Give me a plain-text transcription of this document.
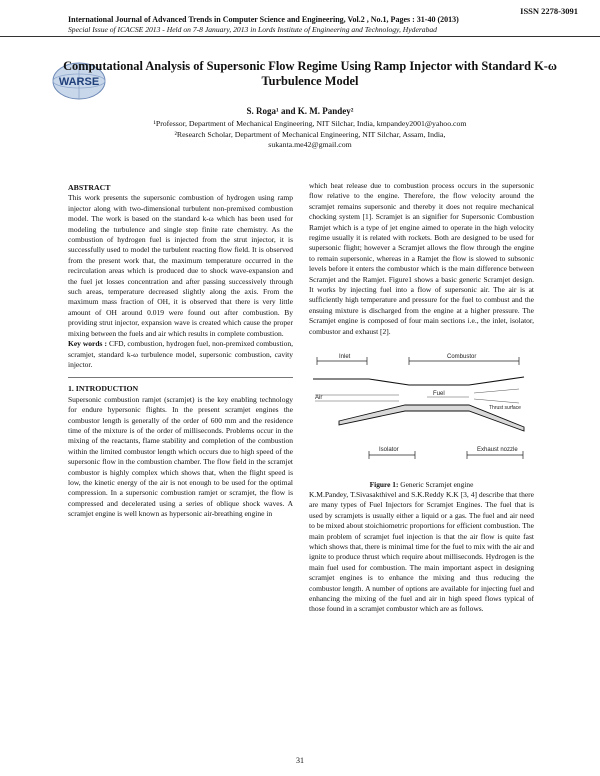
ISSN 2278-3091
International Journal of Advanced Trends in Computer Science and Engineering, Vol.2 , No.1, Pages : 31-40 (2013)
Special Issue of ICACSE 2013 - Held on 7-8 January, 2013 in Lords Institute of Engineering and Technology, Hyderabad
WARSE
Computational Analysis of Supersonic Flow Regime Using Ramp Injector with Standard K-ω Turbulence Model
S. Roga¹ and K. M. Pandey²
¹Professor, Department of Mechanical Engineering, NIT Silchar, India, kmpandey2001@yahoo.com
²Research Scholar, Department of Mechanical Engineering, NIT Silchar, Assam, India,
sukanta.me42@gmail.com

ABSTRACT

This work presents the supersonic combustion of hydrogen using ramp injector along with two-dimensional turbulent non-premixed combustion model. The work is based on the standard k-ω which has been used for modeling the turbulence and single step finite rate chemistry. As the combustion of hydrogen fuel is injected from the strut injector, it is successfully used to model the turbulent reacting flow field. It is observed from the present work that, the maximum temperature occurred in the recirculation areas which is produced due to shock wave-expansion and the fuel jet losses concentration and after passing successively through such areas, temperature decreased slightly along the axis. From the maximum mass fraction of OH, it is observed that there is very little amount of OH around 0.019 were found out after combustion. By providing strut injector, expansion wave is created which cause the proper mixing between the fuels and air which results in complete combustion.

Key words : CFD, combustion, hydrogen fuel, non-premixed combustion, scramjet, standard k-ω turbulence model, supersonic combustion, cavity injector.

1. INTRODUCTION

Supersonic combustion ramjet (scramjet) is the key enabling technology for endure hypersonic flights. In the present scramjet engines the combustor length is generally of the order of 600 mm and the residence time of the mixture is of the order of milliseconds. Problems occur in the mixing of the reactants, flame stability and completion of the combustion within the limited combustor length which occurs due to high speed of the supersonic flow in the combustion chamber. The flow field in the scramjet combustor is highly complex which shows that, when the flight speed is low, the kinetic energy of the air is not enough to be used for the optimal compression. In a supersonic combustion ramjet or scramjet, the flow is compressed and decelerated using a series of oblique shock waves. A scramjet engine is well known as hypersonic air-breathing engine in

which heat release due to combustion process occurs in the supersonic flow relative to the engine. Therefore, the flow velocity around the scramjet remains supersonic and thereby it does not require mechanical chocking system [1]. Scramjet is an signifier for Supersonic Combustion Ramjet which is a type of jet engine aimed to operate in the high velocity regime usually it is related with rockets. Both are designed to be used for supersonic flight; however a Scramjet allows the flow through the engine to remain supersonic, whereas in a Ramjet the flow is slowed to subsonic levels before it enters the combustor which is the main difference between Scramjet and the Ramjet. Figure1 shows a basic generic Scramjet design. It works by injecting fuel into a flow of supersonic air. The air is at sufficiently high temperature and pressure for the fuel to combust and the ensuing mixture is discharged from the engine at a higher pressure. The Scramjet engine is composed of four main sections i.e., the inlet, isolator, combustor and exhaust [2].

Inlet	Combustor
Air
Fuel
Thrust surface
Isolator	Exhaust nozzle

Figure 1: Generic Scramjet engine

K.M.Pandey, T.Sivasakthivel and S.K.Reddy K.K [3, 4] describe that there are many types of Fuel Injectors for Scramjet Engines. The fuel that is used by scramjets is usually either a liquid or a gas. The fuel and air need to be mixed about stoichiometric proportions for efficient combustion. The main problem of scramjet fuel injection is that the air flow is quite fast which shows that, there is minimal time for the fuel to mix with the air and ignite to produce thrust which require about milliseconds. Hydrogen is the main fuel used for combustion. The main important aspect in designing scramjet engines is to enhance the mixing and thus reducing the combustor length. A number of options are available for injecting fuel and enhancing the mixing of the fuel and air in high speed flows typical of those found in a scramjet combustor which are as follows.

31
